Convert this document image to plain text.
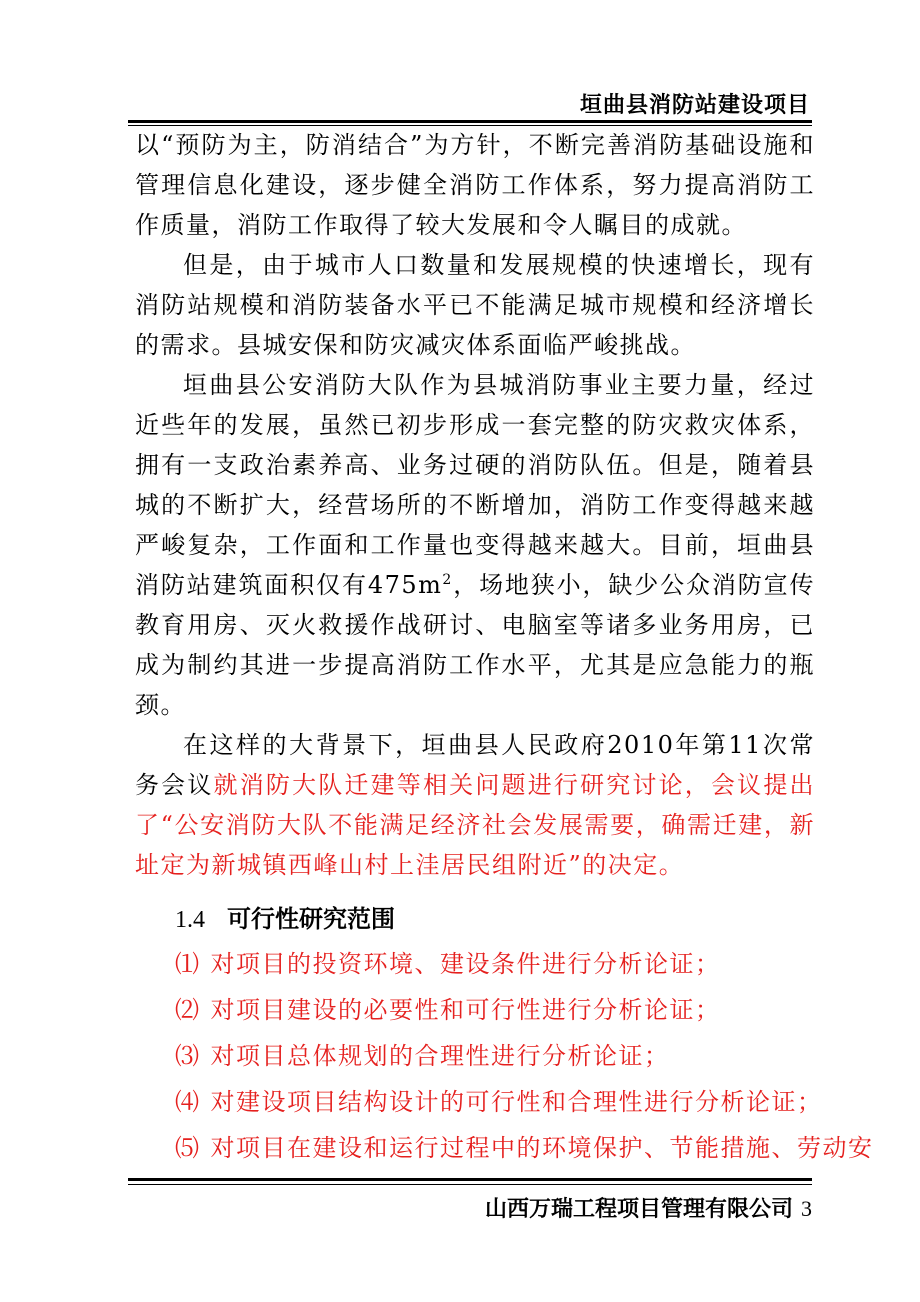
垣曲县消防站建设项目

以“预防为主，防消结合”为方针，不断完善消防基础设施和管理信息化建设，逐步健全消防工作体系，努力提高消防工作质量，消防工作取得了较大发展和令人瞩目的成就。

但是，由于城市人口数量和发展规模的快速增长，现有消防站规模和消防装备水平已不能满足城市规模和经济增长的需求。县城安保和防灾减灾体系面临严峻挑战。

垣曲县公安消防大队作为县城消防事业主要力量，经过近些年的发展，虽然已初步形成一套完整的防灾救灾体系，拥有一支政治素养高、业务过硬的消防队伍。但是，随着县城的不断扩大，经营场所的不断增加，消防工作变得越来越严峻复杂，工作面和工作量也变得越来越大。目前，垣曲县消防站建筑面积仅有$475m^2$，场地狭小，缺少公众消防宣传教育用房、灭火救援作战研讨、电脑室等诸多业务用房，已成为制约其进一步提高消防工作水平，尤其是应急能力的瓶颈。

在这样的大背景下，垣曲县人民政府2010年第11次常务会议就消防大队迁建等相关问题进行研究讨论，会议提出了“公安消防大队不能满足经济社会发展需要，确需迁建，新址定为新城镇西峰山村上洼居民组附近”的决定。

1.4 可行性研究范围

⑴ 对项目的投资环境、建设条件进行分析论证；

⑵ 对项目建设的必要性和可行性进行分析论证；

⑶ 对项目总体规划的合理性进行分析论证；

⑷ 对建设项目结构设计的可行性和合理性进行分析论证；

⑸ 对项目在建设和运行过程中的环境保护、节能措施、劳动安

山西万瑞工程项目管理有限公司 3
